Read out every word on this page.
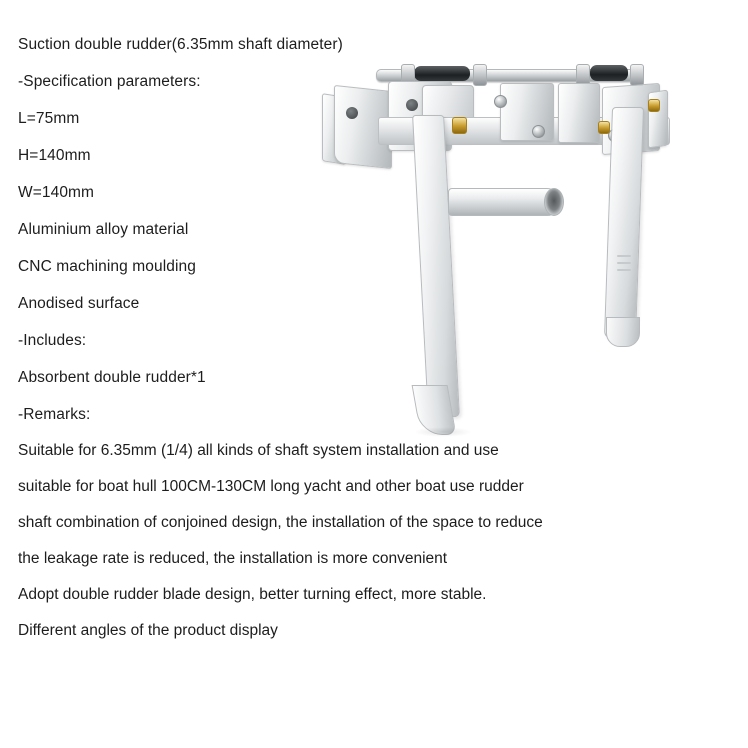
Suction double rudder(6.35mm shaft diameter)
-Specification parameters:
L=75mm
H=140mm
W=140mm
Aluminium alloy material
CNC machining moulding
Anodised surface
-Includes:
Absorbent double rudder*1
-Remarks:
Suitable for 6.35mm (1/4) all kinds of shaft system installation and use
suitable for boat hull 100CM-130CM long yacht and other boat use rudder
shaft combination of conjoined design, the installation of the space to reduce
the leakage rate is reduced, the installation is more convenient
Adopt double rudder blade design, better turning effect, more stable.
Different angles of the product display
